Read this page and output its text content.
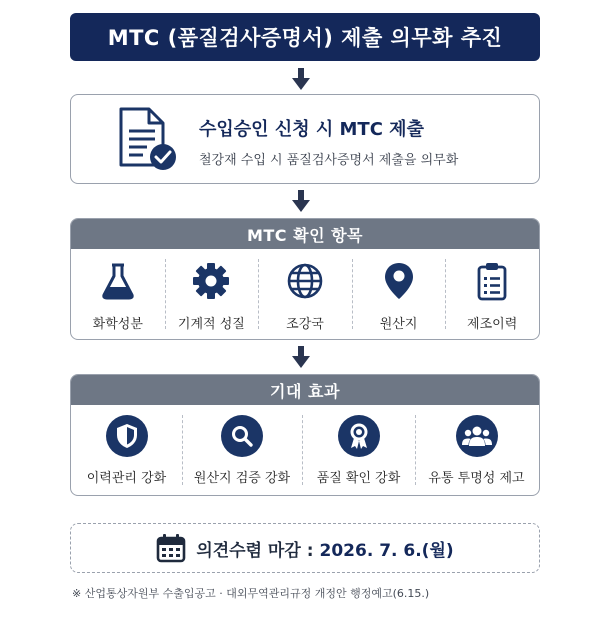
MTC (품질검사증명서) 제출 의무화 추진
수입승인 신청 시 MTC 제출
철강재 수입 시 품질검사증명서 제출을 의무화
MTC 확인 항목
화학성분	기계적 성질	조강국	원산지	제조이력
기대 효과
이력관리 강화 원산지 검증 강화 품질 확인 강화 유통 투명성 제고
의견수렴 마감 : 2026. 7. 6.(월)
※ 산업통상자원부 수출입공고 · 대외무역관리규정 개정안 행정예고(6.15.)
